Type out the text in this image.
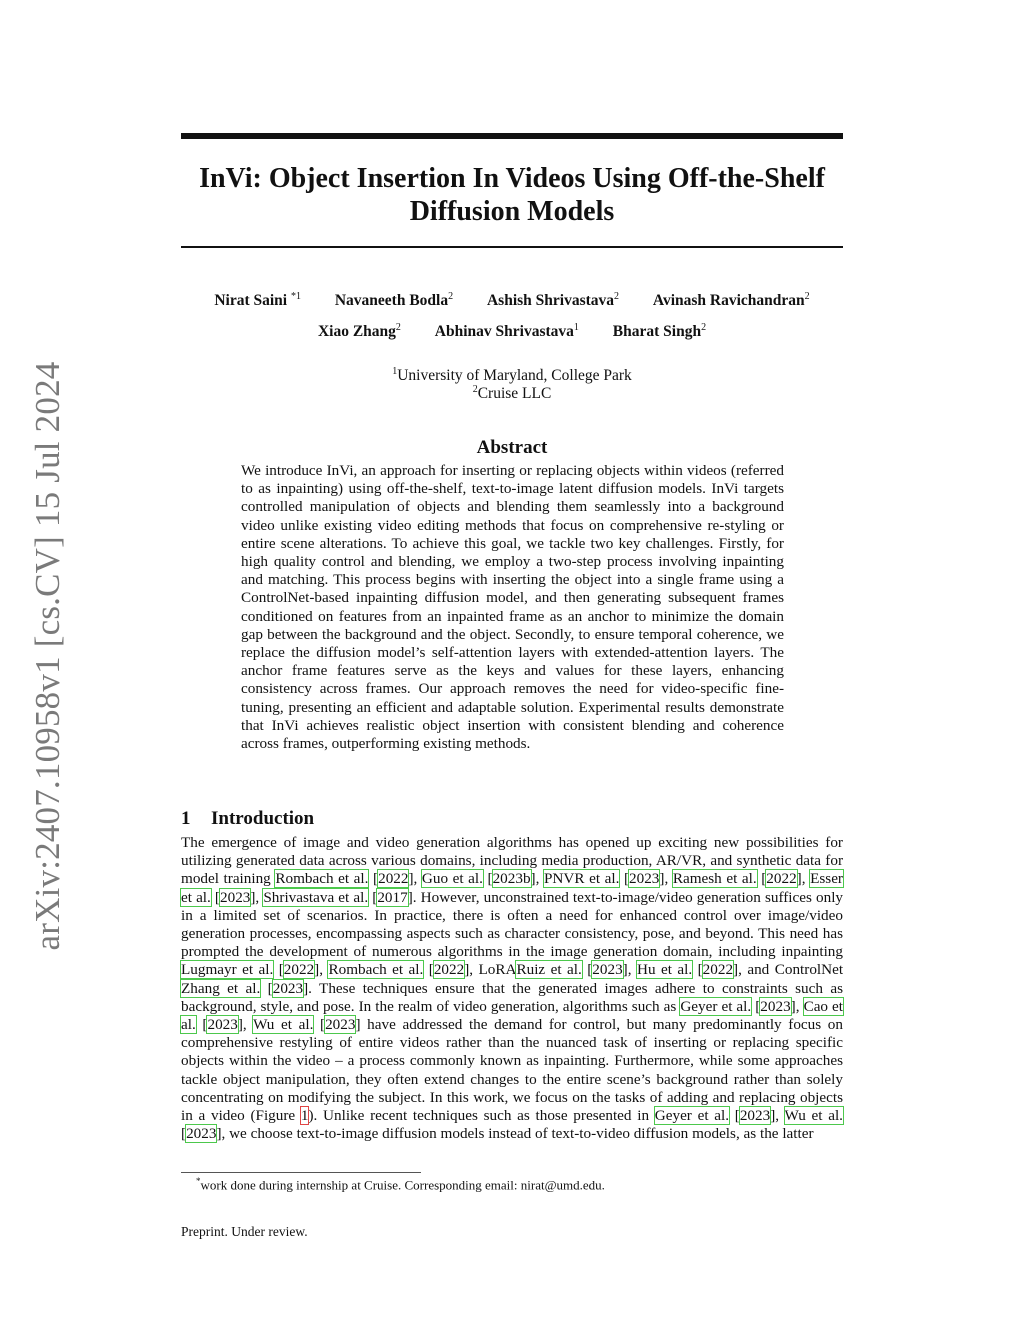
arXiv:2407.10958v1 [cs.CV] 15 Jul 2024
InVi: Object Insertion In Videos Using Off-the-Shelf
Diffusion Models
Nirat Saini $^{*1}$ Navaneeth Bodla$^2$ Ashish Shrivastava$^2$ Avinash Ravichandran$^2$
Xiao Zhang$^2$ Abhinav Shrivastava$^1$ Bharat Singh$^2$
$^1$University of Maryland, College Park
$^2$Cruise LLC
Abstract
We introduce InVi, an approach for inserting or replacing objects within videos (referred to as inpainting) using off-the-shelf, text-to-image latent diffusion models. InVi targets controlled manipulation of objects and blending them seamlessly into a background video unlike existing video editing methods that focus on comprehensive re-styling or entire scene alterations. To achieve this goal, we tackle two key challenges. Firstly, for high quality control and blending, we employ a two-step process involving inpainting and matching. This process begins with inserting the object into a single frame using a ControlNet-based inpainting diffusion model, and then generating subsequent frames conditioned on features from an inpainted frame as an anchor to minimize the domain gap between the background and the object. Secondly, to ensure temporal coherence, we replace the diffusion model’s self-attention layers with extended-attention layers. The anchor frame features serve as the keys and values for these layers, enhancing consistency across frames. Our approach removes the need for video-specific fine-tuning, presenting an efficient and adaptable solution. Experimental results demonstrate that InVi achieves realistic object insertion with consistent blending and coherence across frames, outperforming existing methods.
1 Introduction
The emergence of image and video generation algorithms has opened up exciting new possibilities for utilizing generated data across various domains, including media production, AR/VR, and synthetic data for model training Rombach et al. [2022], Guo et al. [2023b], PNVR et al. [2023], Ramesh et al. [2022], Esser et al. [2023], Shrivastava et al. [2017]. However, unconstrained text-to-image/video generation suffices only in a limited set of scenarios. In practice, there is often a need for enhanced control over image/video generation processes, encompassing aspects such as character consistency, pose, and beyond. This need has prompted the development of numerous algorithms in the image generation domain, including inpainting Lugmayr et al. [2022], Rombach et al. [2022], LoRARuiz et al. [2023], Hu et al. [2022], and ControlNet Zhang et al. [2023]. These techniques ensure that the generated images adhere to constraints such as background, style, and pose. In the realm of video generation, algorithms such as Geyer et al. [2023], Cao et al. [2023], Wu et al. [2023] have addressed the demand for control, but many predominantly focus on comprehensive restyling of entire videos rather than the nuanced task of inserting or replacing specific objects within the video – a process commonly known as inpainting. Furthermore, while some approaches tackle object manipulation, they often extend changes to the entire scene’s background rather than solely concentrating on modifying the subject. In this work, we focus on the tasks of adding and replacing objects in a video (Figure 1). Unlike recent techniques such as those presented in Geyer et al. [2023], Wu et al. [2023], we choose text-to-image diffusion models instead of text-to-video diffusion models, as the latter
*work done during internship at Cruise. Corresponding email: nirat@umd.edu.
Preprint. Under review.
